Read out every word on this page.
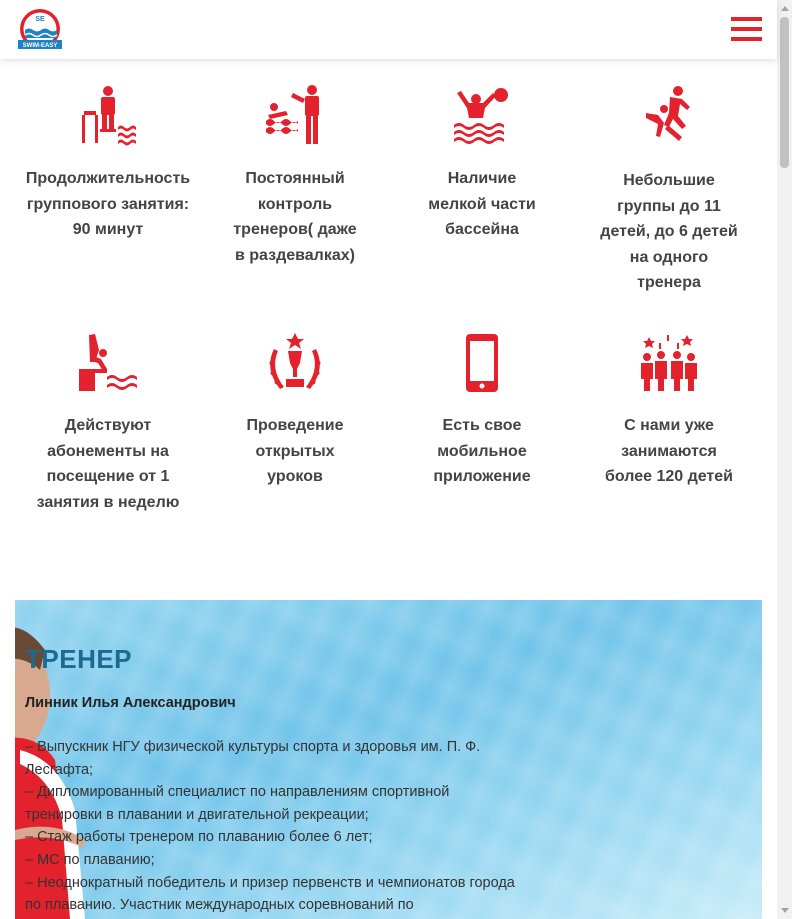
SE
SWIM-EASY
Продолжительность группового занятия: 90 минут
Постоянный контроль тренеров( даже в раздевалках)
Наличие мелкой части бассейна
Небольшие группы до 11 детей, до 6 детей на одного тренера
Действуют абонементы на посещение от 1 занятия в неделю
Проведение открытых уроков
Есть свое мобильное приложение
С нами уже занимаются более 120 детей
ТРЕНЕР
Линник Илья Александрович

– Выпускник НГУ физической культуры спорта и здоровья им. П. Ф. Лесгафта;

– Дипломированный специалист по направлениям спортивной тренировки в плавании и двигательной рекреации;

– Стаж работы тренером по плаванию более 6 лет;

– МС по плаванию;

– Неоднократный победитель и призер первенств и чемпионатов города по плаванию. Участник международных соревнований по
